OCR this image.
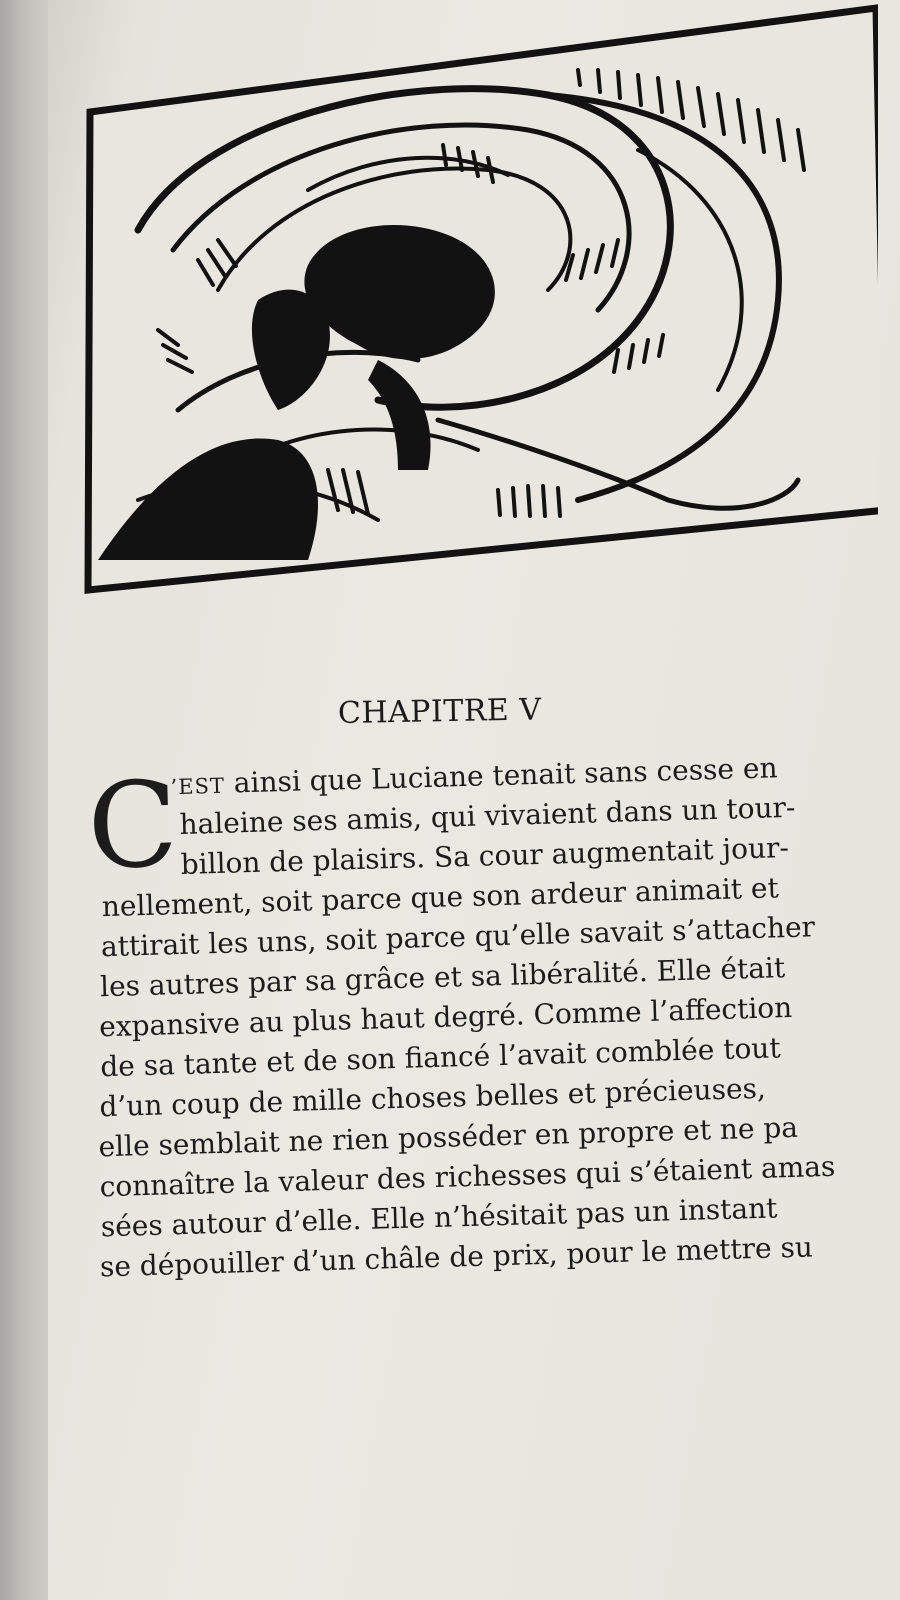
CHAPITRE V
C
’EST ainsi que Luciane tenait sans cesse en
haleine ses amis, qui vivaient dans un tour-
billon de plaisirs. Sa cour augmentait jour-
nellement, soit parce que son ardeur animait et
attirait les uns, soit parce qu’elle savait s’attacher
les autres par sa grâce et sa libéralité. Elle était
expansive au plus haut degré. Comme l’affection
de sa tante et de son fiancé l’avait comblée tout
d’un coup de mille choses belles et précieuses,
elle semblait ne rien posséder en propre et ne pa
connaître la valeur des richesses qui s’étaient amas
sées autour d’elle. Elle n’hésitait pas un instant
se dépouiller d’un châle de prix, pour le mettre su
